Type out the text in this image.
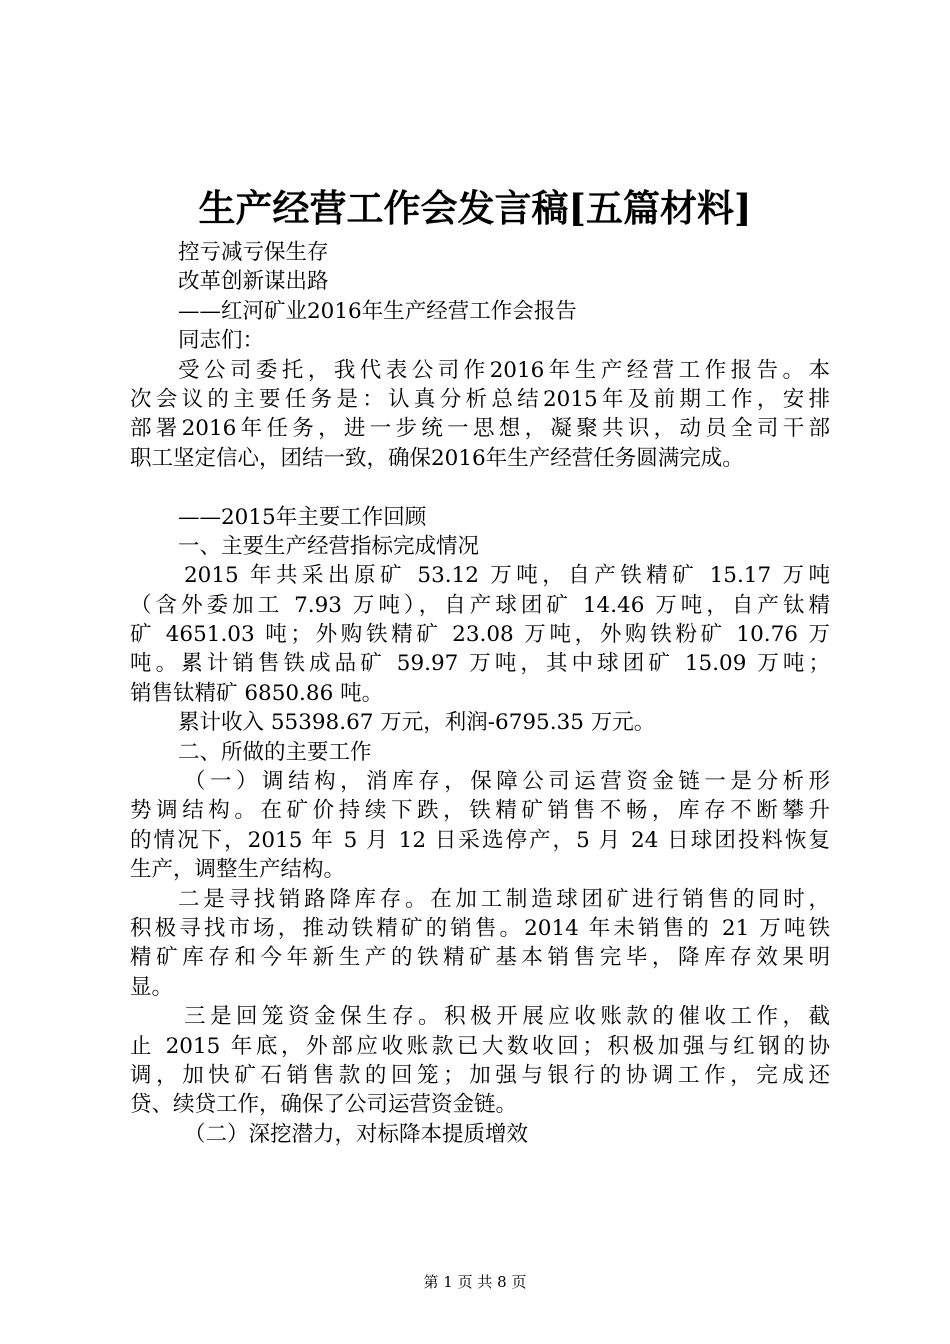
生产经营工作会发言稿[五篇材料]
控亏减亏保生存
改革创新谋出路
——红河矿业2016年生产经营工作会报告
同志们：
受公司委托，我代表公司作2016年生产经营工作报告。本
次会议的主要任务是：认真分析总结2015年及前期工作，安排
部署2016年任务，进一步统一思想，凝聚共识，动员全司干部
职工坚定信心，团结一致，确保2016年生产经营任务圆满完成。
——2015年主要工作回顾
一、主要生产经营指标完成情况
2015 年共采出原矿 53.12 万吨，自产铁精矿 15.17 万吨
（含外委加工 7.93 万吨），自产球团矿 14.46 万吨，自产钛精
矿 4651.03 吨；外购铁精矿 23.08 万吨，外购铁粉矿 10.76 万
吨。累计销售铁成品矿 59.97 万吨，其中球团矿 15.09 万吨；
销售钛精矿 6850.86 吨。
累计收入 55398.67 万元，利润-6795.35 万元。
二、所做的主要工作
（一）调结构，消库存，保障公司运营资金链一是分析形
势调结构。在矿价持续下跌，铁精矿销售不畅，库存不断攀升
的情况下，2015 年 5 月 12 日采选停产，5 月 24 日球团投料恢复
生产，调整生产结构。
二是寻找销路降库存。在加工制造球团矿进行销售的同时，
积极寻找市场，推动铁精矿的销售。2014 年未销售的 21 万吨铁
精矿库存和今年新生产的铁精矿基本销售完毕，降库存效果明
显。
三是回笼资金保生存。积极开展应收账款的催收工作，截
止 2015 年底，外部应收账款已大数收回；积极加强与红钢的协
调，加快矿石销售款的回笼；加强与银行的协调工作，完成还
贷、续贷工作，确保了公司运营资金链。
（二）深挖潜力，对标降本提质增效
第 1 页 共 8 页
